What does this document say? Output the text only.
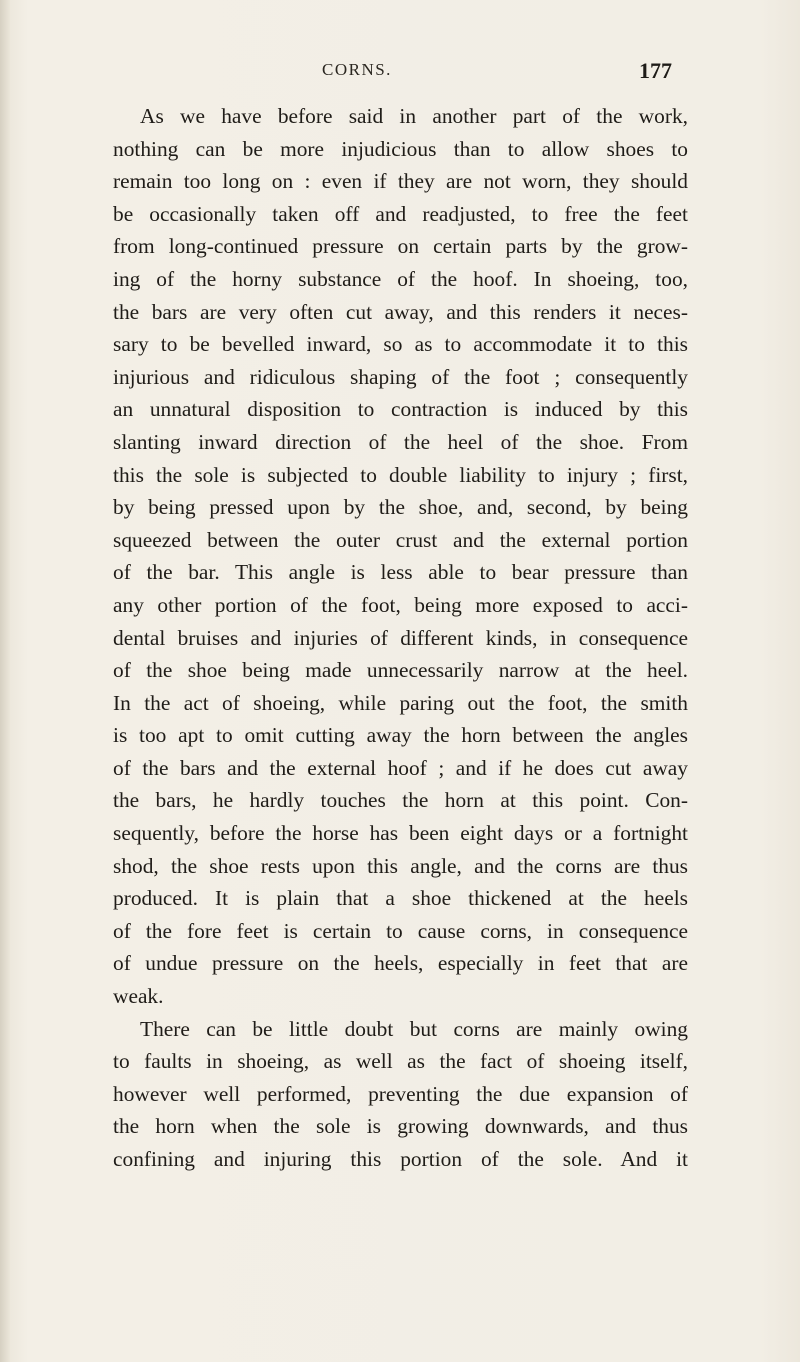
CORNS.	177
As we have before said in another part of the work,
nothing can be more injudicious than to allow shoes to
remain too long on : even if they are not worn, they should
be occasionally taken off and readjusted, to free the feet
from long-continued pressure on certain parts by the grow-
ing of the horny substance of the hoof. In shoeing, too,
the bars are very often cut away, and this renders it neces-
sary to be bevelled inward, so as to accommodate it to this
injurious and ridiculous shaping of the foot ; consequently
an unnatural disposition to contraction is induced by this
slanting inward direction of the heel of the shoe. From
this the sole is subjected to double liability to injury ; first,
by being pressed upon by the shoe, and, second, by being
squeezed between the outer crust and the external portion
of the bar. This angle is less able to bear pressure than
any other portion of the foot, being more exposed to acci-
dental bruises and injuries of different kinds, in consequence
of the shoe being made unnecessarily narrow at the heel.
In the act of shoeing, while paring out the foot, the smith
is too apt to omit cutting away the horn between the angles
of the bars and the external hoof ; and if he does cut away
the bars, he hardly touches the horn at this point. Con-
sequently, before the horse has been eight days or a fortnight
shod, the shoe rests upon this angle, and the corns are thus
produced. It is plain that a shoe thickened at the heels
of the fore feet is certain to cause corns, in consequence
of undue pressure on the heels, especially in feet that are
weak.
There can be little doubt but corns are mainly owing
to faults in shoeing, as well as the fact of shoeing itself,
however well performed, preventing the due expansion of
the horn when the sole is growing downwards, and thus
confining and injuring this portion of the sole. And it
